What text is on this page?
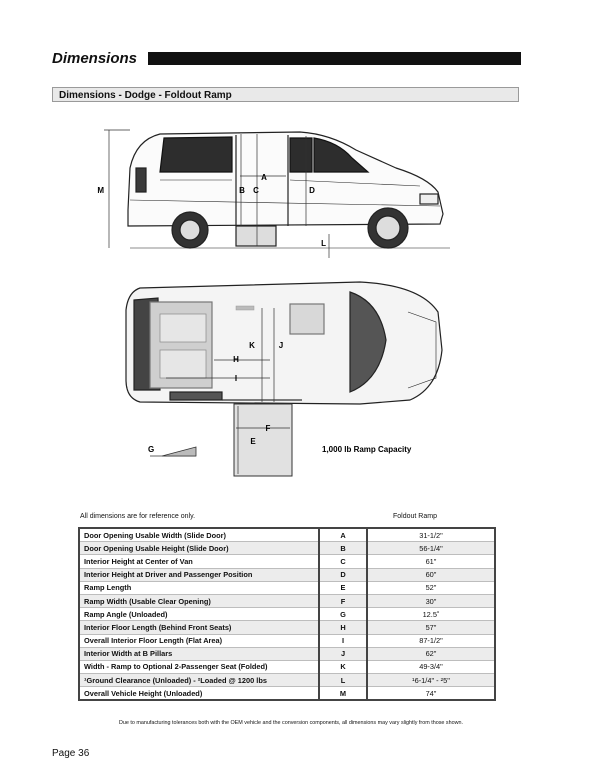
Dimensions
Dimensions - Dodge - Foldout Ramp
M
A
B C	D
L
K	J
H
I
F
E
G	1,000 lb Ramp Capacity
All dimensions are for reference only.	Foldout Ramp
Door Opening Usable Width (Slide Door)	A	31-1/2"
Door Opening Usable Height (Slide Door)	B	56-1/4"
Interior Height at Center of Van	C	61"
Interior Height at Driver and Passenger Position	D	60"
Ramp Length	E	52"
Ramp Width (Usable Clear Opening)	F	30"
Ramp Angle (Unloaded)	G	12.5˚
Interior Floor Length (Behind Front Seats)	H	57"
Overall Interior Floor Length (Flat Area)	I	87-1/2"
Interior Width at B Pillars	J	62"
Width - Ramp to Optional 2-Passenger Seat (Folded)	K	49-3/4"
¹Ground Clearance (Unloaded) - ²Loaded @ 1200 lbs	L	¹6-1/4" - ²5"
Overall Vehicle Height (Unloaded)	M	74"
Due to manufacturing tolerances both with the OEM vehicle and the conversion components, all dimensions may vary slightly from those shown.
Page 36
